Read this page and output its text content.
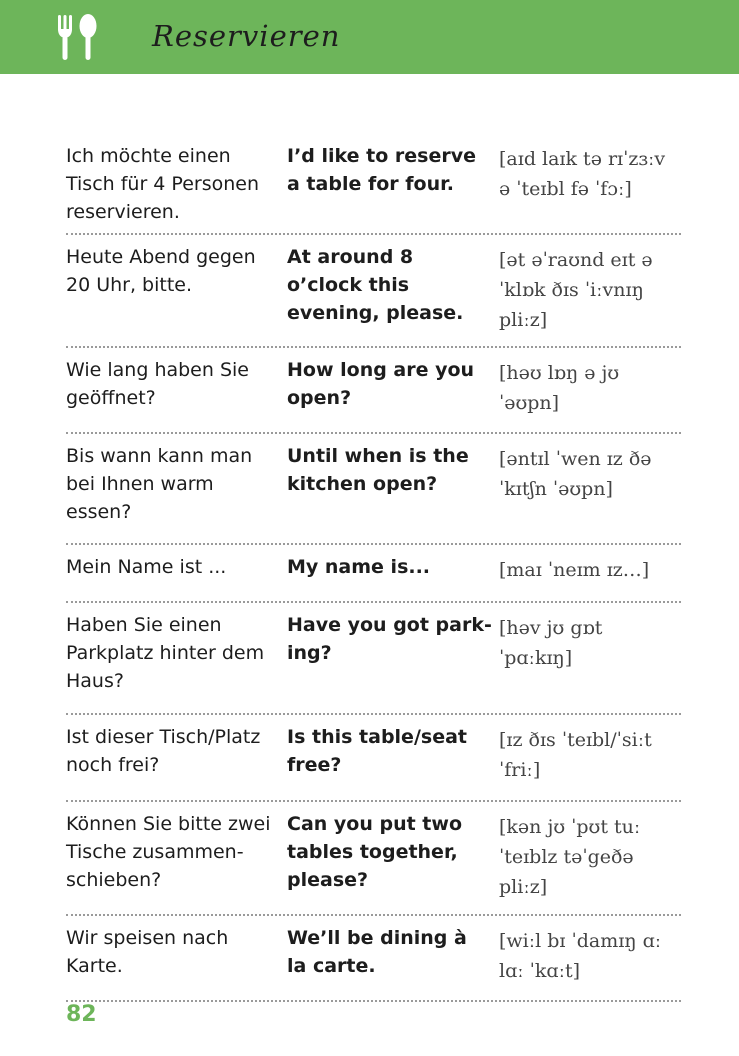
Reservieren
Ich möchte einen Tisch für 4 Personen reservieren.
I’d like to reserve a table for four.
[aɪd laɪk tə rɪˈzɜːv ə ˈteɪbl fə ˈfɔː]
Heute Abend gegen 20 Uhr, bitte.
At around 8 o’clock this evening, please.
[ət əˈraʊnd eɪt əˈklɒk ðɪs ˈiːvnɪŋ pliːz]
Wie lang haben Sie geöffnet?
How long are you open?
[həʊ lɒŋ ə jʊ ˈəʊpn]
Bis wann kann man bei Ihnen warm essen?
Until when is the kitchen open?
[əntɪl ˈwen ɪz ðə ˈkɪtʃn ˈəʊpn]
Mein Name ist ...	My name is...	[maɪ ˈneɪm ɪz…]
Haben Sie einen Parkplatz hinter dem Haus?
Have you got park-ing?
[həv jʊ gɒt ˈpɑːkɪŋ]
Ist dieser Tisch/Platz noch frei?
Is this table/seat free?
[ɪz ðɪs ˈteɪbl/ˈsiːt ˈfriː]
Können Sie bitte zwei Tische zusammen-schieben?
Can you put two tables together, please?
[kən jʊ ˈpʊt tuː ˈteɪblz təˈgeðə pliːz]
Wir speisen nach Karte.
We’ll be dining à la carte.
[wiːl bɪ ˈdamɪŋ ɑː lɑː ˈkɑːt]
82
